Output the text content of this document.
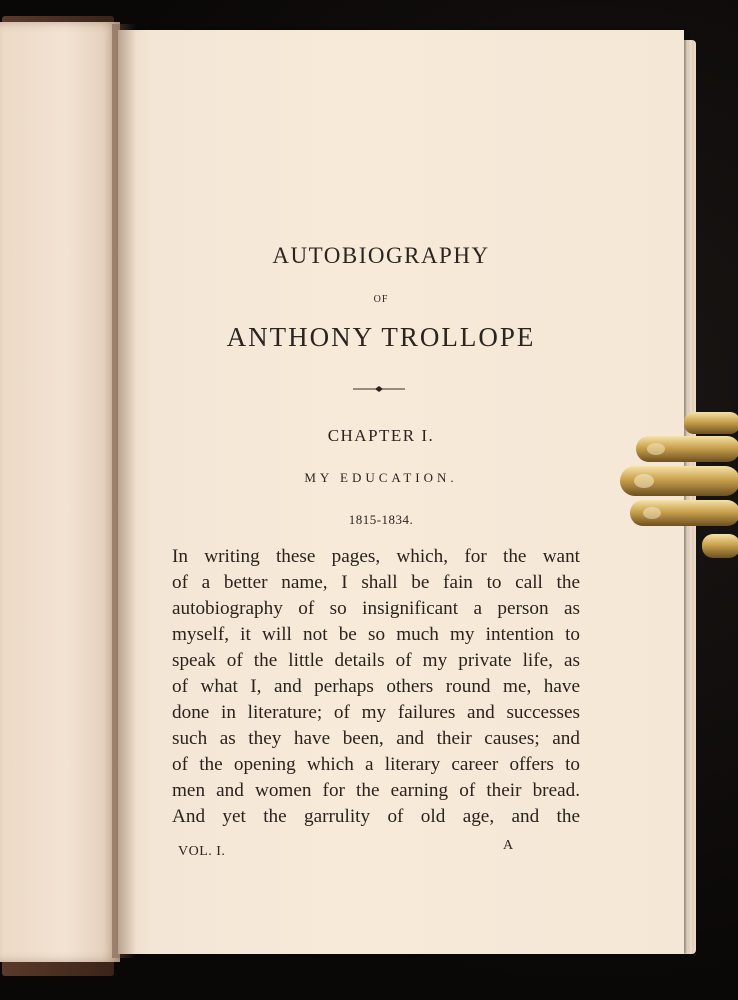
AUTOBIOGRAPHY
OF
ANTHONY TROLLOPE
CHAPTER I.
MY EDUCATION.
1815-1834.

In writing these pages, which, for the want
of a better name, I shall be fain to call the
autobiography of so insignificant a person as
myself, it will not be so much my intention to
speak of the little details of my private life, as
of what I, and perhaps others round me, have
done in literature; of my failures and successes
such as they have been, and their causes; and
of the opening which a literary career offers to
men and women for the earning of their bread.
And yet the garrulity of old age, and the

VOL. I.	A
